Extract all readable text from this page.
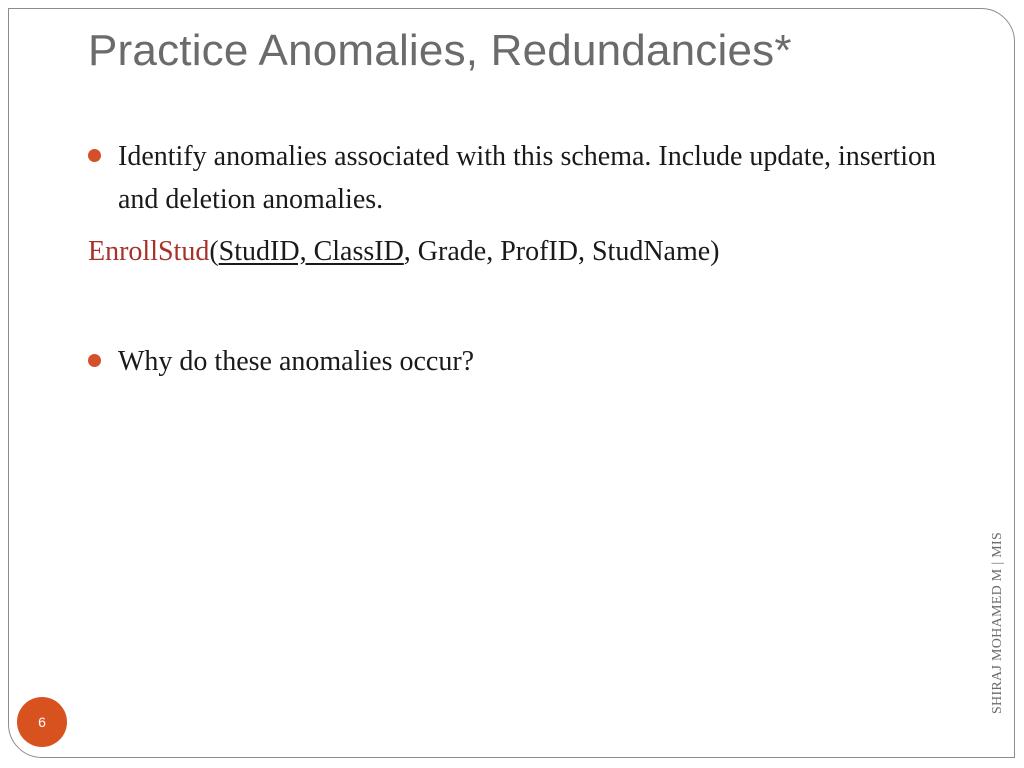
Practice Anomalies, Redundancies*
Identify anomalies associated with this schema. Include update, insertion and deletion anomalies.
EnrollStud(StudID, ClassID, Grade, ProfID, StudName)
Why do these anomalies occur?
SHIRAJ MOHAMED M | MIS
6
